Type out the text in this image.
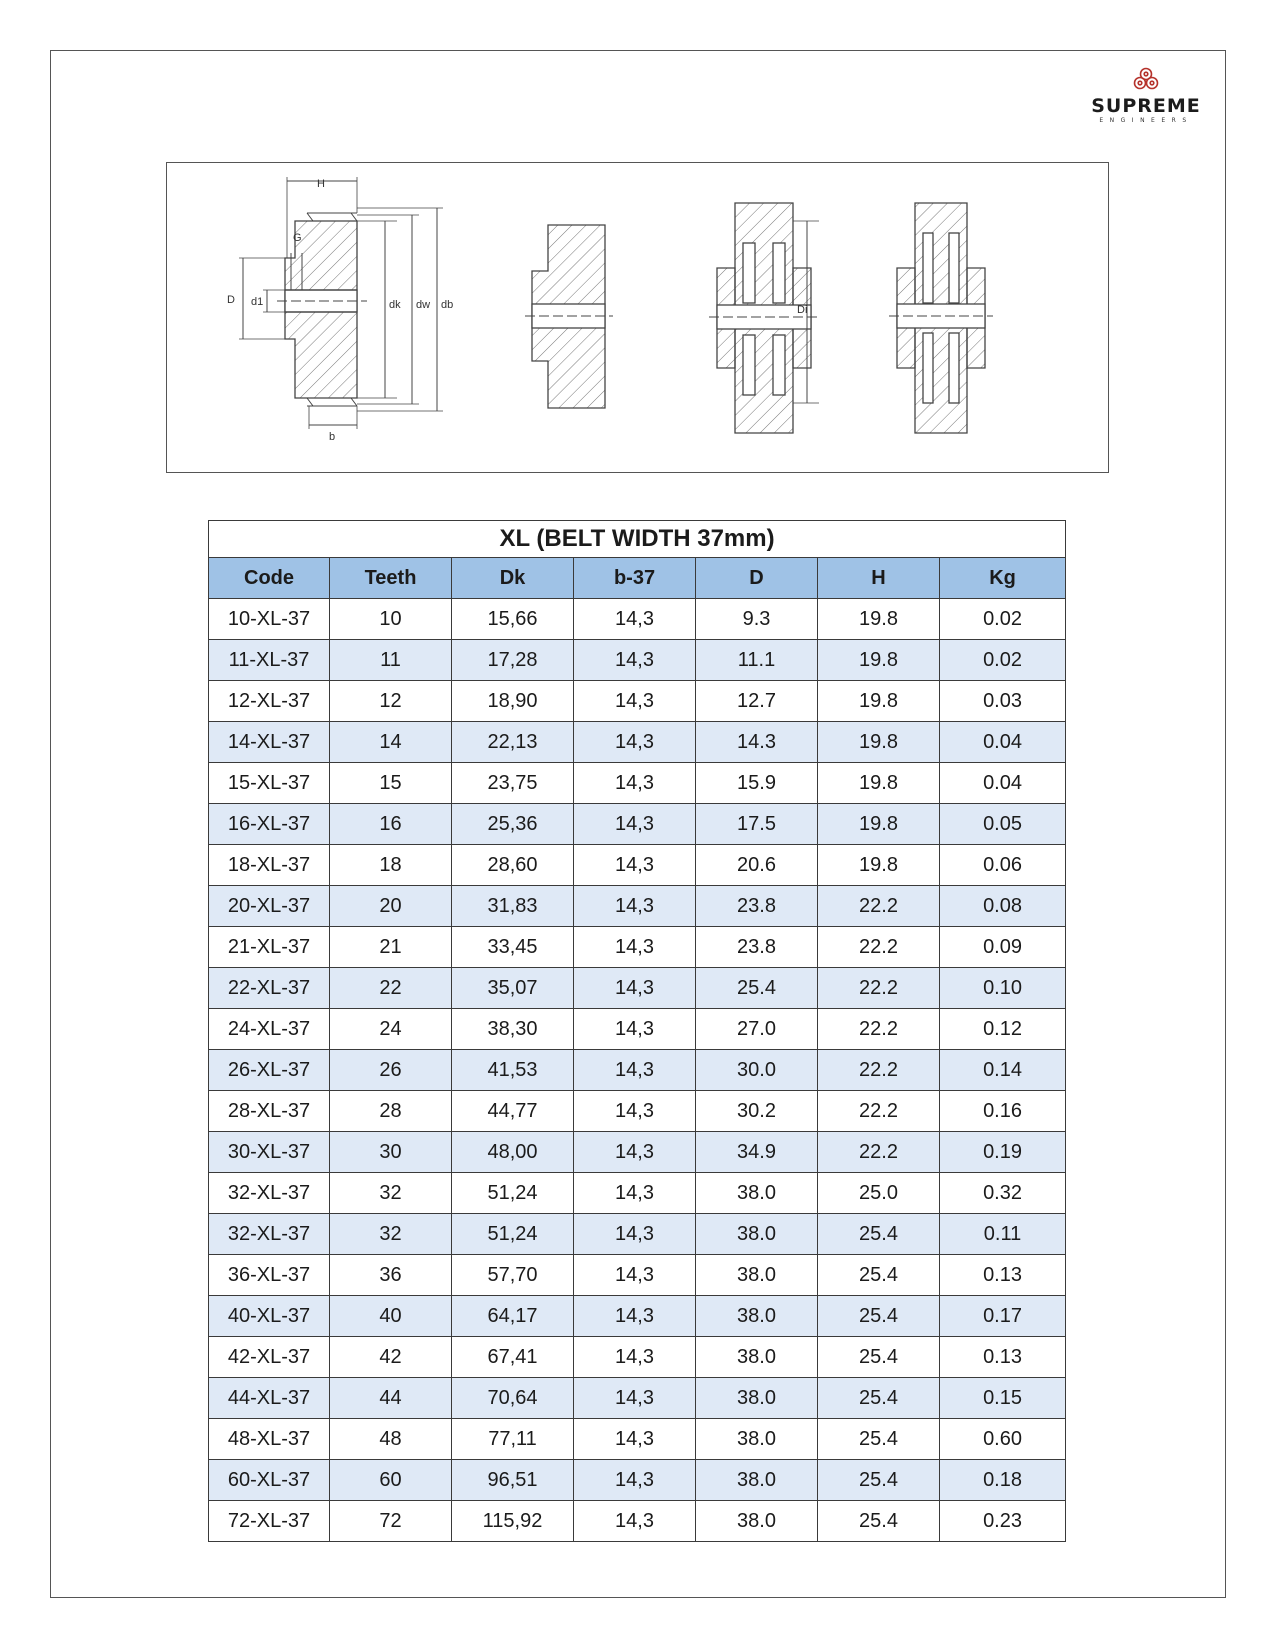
SUPREME
ENGINEERS
H
G
D d1	dk dw db
b
Di
XL (BELT WIDTH 37mm)						
Code	Teeth	Dk	b-37	D	H	Kg
10-XL-37	10	15,66	14,3	9.3	19.8	0.02
11-XL-37	11	17,28	14,3	11.1	19.8	0.02
12-XL-37	12	18,90	14,3	12.7	19.8	0.03
14-XL-37	14	22,13	14,3	14.3	19.8	0.04
15-XL-37	15	23,75	14,3	15.9	19.8	0.04
16-XL-37	16	25,36	14,3	17.5	19.8	0.05
18-XL-37	18	28,60	14,3	20.6	19.8	0.06
20-XL-37	20	31,83	14,3	23.8	22.2	0.08
21-XL-37	21	33,45	14,3	23.8	22.2	0.09
22-XL-37	22	35,07	14,3	25.4	22.2	0.10
24-XL-37	24	38,30	14,3	27.0	22.2	0.12
26-XL-37	26	41,53	14,3	30.0	22.2	0.14
28-XL-37	28	44,77	14,3	30.2	22.2	0.16
30-XL-37	30	48,00	14,3	34.9	22.2	0.19
32-XL-37	32	51,24	14,3	38.0	25.0	0.32
32-XL-37	32	51,24	14,3	38.0	25.4	0.11
36-XL-37	36	57,70	14,3	38.0	25.4	0.13
40-XL-37	40	64,17	14,3	38.0	25.4	0.17
42-XL-37	42	67,41	14,3	38.0	25.4	0.13
44-XL-37	44	70,64	14,3	38.0	25.4	0.15
48-XL-37	48	77,11	14,3	38.0	25.4	0.60
60-XL-37	60	96,51	14,3	38.0	25.4	0.18
72-XL-37	72	115,92	14,3	38.0	25.4	0.23
